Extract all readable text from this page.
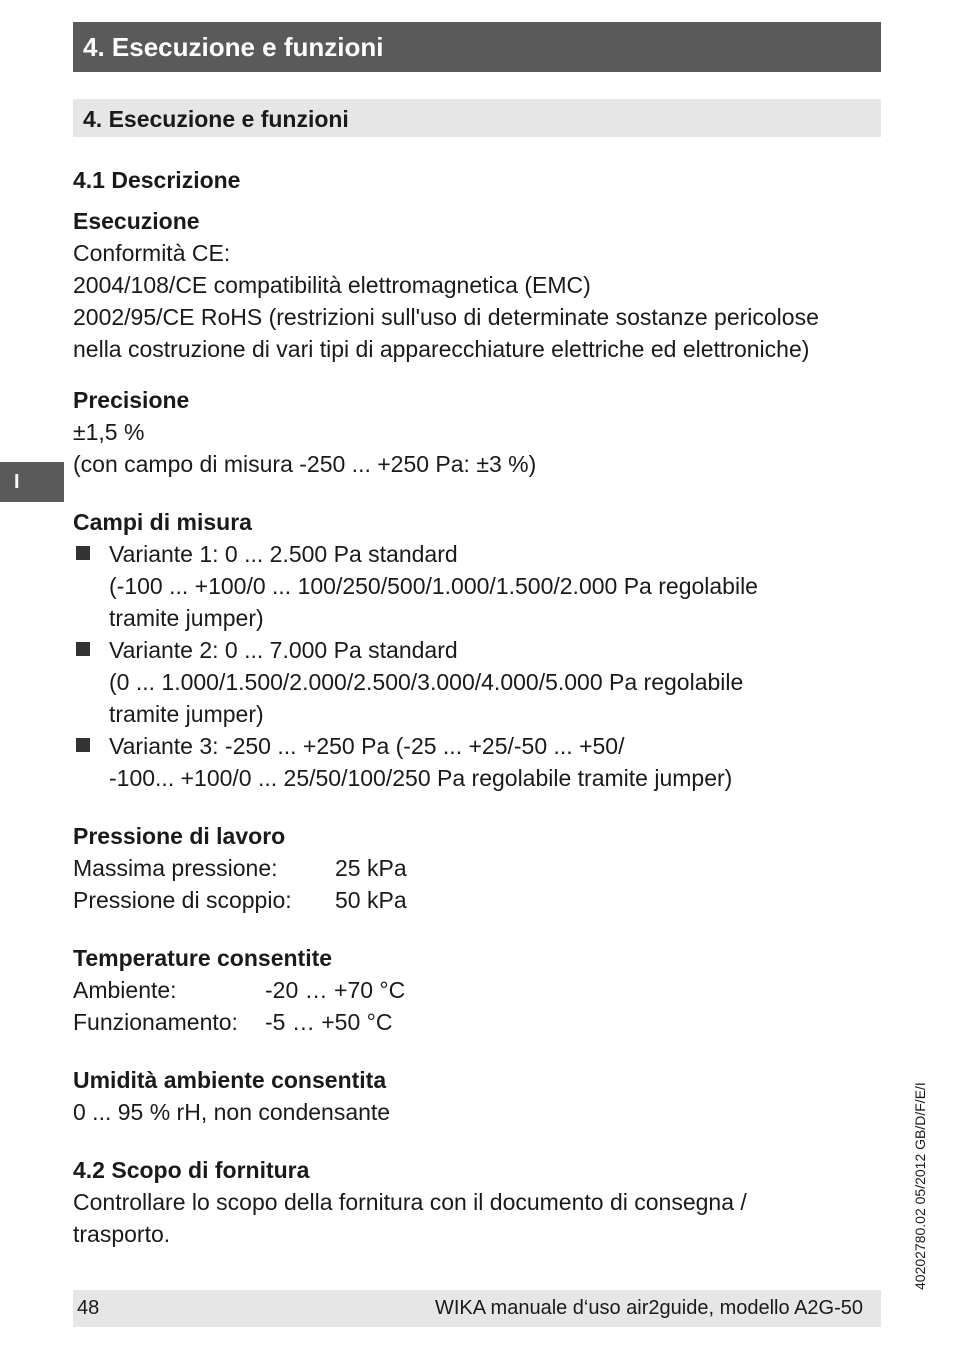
4. Esecuzione e funzioni
4. Esecuzione e funzioni
I

4.1 Descrizione

Esecuzione

Conformità CE:

2004/108/CE compatibilità elettromagnetica (EMC)

2002/95/CE RoHS (restrizioni sull'uso di determinate sostanze pericolose

nella costruzione di vari tipi di apparecchiature elettriche ed elettroniche)

Precisione

±1,5 %

(con campo di misura -250 ... +250 Pa: ±3 %)

Campi di misura

Variante 1: 0 ... 2.500 Pa standard
(-100 ... +100/0 ... 100/250/500/1.000/1.500/2.000 Pa regolabile
tramite jumper)
Variante 2: 0 ... 7.000 Pa standard
(0 ... 1.000/1.500/2.000/2.500/3.000/4.000/5.000 Pa regolabile
tramite jumper)
Variante 3: -250 ... +250 Pa (-25 ... +25/-50 ... +50/
-100... +100/0 ... 25/50/100/250 Pa regolabile tramite jumper)

Pressione di lavoro

Massima pressione:	25 kPa
Pressione di scoppio:	50 kPa

Temperature consentite

Ambiente:	-20 … +70 °C
Funzionamento:	-5 … +50 °C

Umidità ambiente consentita

0 ... 95 % rH, non condensante

4.2 Scopo di fornitura

Controllare lo scopo della fornitura con il documento di consegna /

trasporto.	40202780.02 05/2012 GB/D/F/E/I
48	WIKA manuale d‘uso air2guide, modello A2G-50
